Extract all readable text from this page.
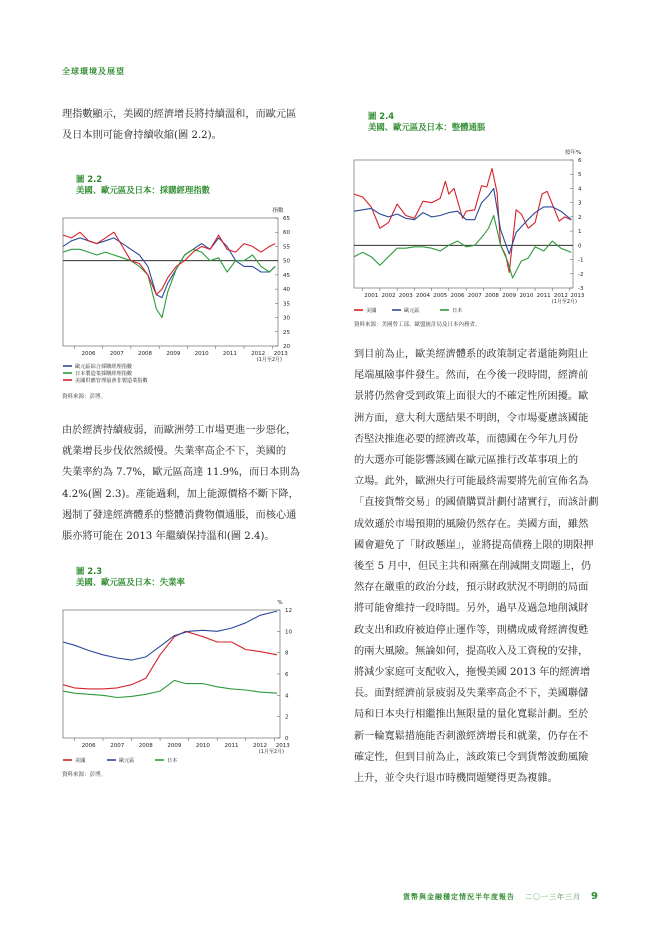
全球環境及展望
理指數顯示，美國的經濟增長將持續溫和，而歐元區
及日本則可能會持續收縮(圖 2.2)。
圖 2.2
美國、歐元區及日本：採購經理指數
指數
20
25
30
35
40
45
50
55
60
65
2006	2007	2008	2009	2010	2011	2012 2013
(1月至2月)
歐元區綜合採購經理指數
日本製造業採購經理指數
美國供應管理協會非製造業指數
資料來源：彭博。
由於經濟持續疲弱，而歐洲勞工市場更進一步惡化，
就業增長步伐依然緩慢。失業率高企不下，美國的
失業率約為 7.7%，歐元區高達 11.9%，而日本則為
4.2%(圖 2.3)。產能過剩，加上能源價格不斷下降，
遏制了發達經濟體系的整體消費物價通脹，而核心通
脹亦將可能在 2013 年繼續保持溫和(圖 2.4)。
圖 2.3
美國、歐元區及日本：失業率
%
0
2
4
6
8
10
12
2006	2007	2008	2009	2010	2011	2012 2013
(1月至2月)
美國	歐元區	日本
資料來源：彭博。
圖 2.4
美國、歐元區及日本：整體通脹
按年%
-3
-2
-1
0
1
2
3
4
5
6
2001 2002 2003 2004 2005 2006 2007 2008 2009 2010 2011 2012 2013
(1月至2月)
美國	歐元區	日本
資料來源：美國勞工部、歐盟統計局及日本內務省。
到目前為止，歐美經濟體系的政策制定者還能夠阻止
尾端風險事件發生。然而，在今後一段時間，經濟前
景將仍然會受到政策上面很大的不確定性所困擾。歐
洲方面，意大利大選結果不明朗，令市場憂慮該國能
否堅決推進必要的經濟改革，而德國在今年九月份
的大選亦可能影響該國在歐元區推行改革事項上的
立場。此外，歐洲央行可能最終需要將先前宣佈名為
「直接貨幣交易」的國債購買計劃付諸實行，而該計劃
成效遜於市場預期的風險仍然存在。美國方面，雖然
國會避免了「財政懸崖」，並將提高債務上限的期限押
後至 5 月中，但民主共和兩黨在削減開支問題上，仍
然存在嚴重的政治分歧，預示財政狀況不明朗的局面
將可能會維持一段時間。另外，過早及過急地削減財
政支出和政府被迫停止運作等，則構成威脅經濟復甦
的兩大風險。無論如何，提高收入及工資稅的安排，
將減少家庭可支配收入，拖慢美國 2013 年的經濟增
長。面對經濟前景疲弱及失業率高企不下，美國聯儲
局和日本央行相繼推出無限量的量化寬鬆計劃。至於
新一輪寬鬆措施能否刺激經濟增長和就業，仍存在不
確定性，但到目前為止，該政策已令到貨幣波動風險
上升，並令央行退市時機問題變得更為複雜。
貨幣與金融穩定情況半年度報告 二〇一三年三月 9
